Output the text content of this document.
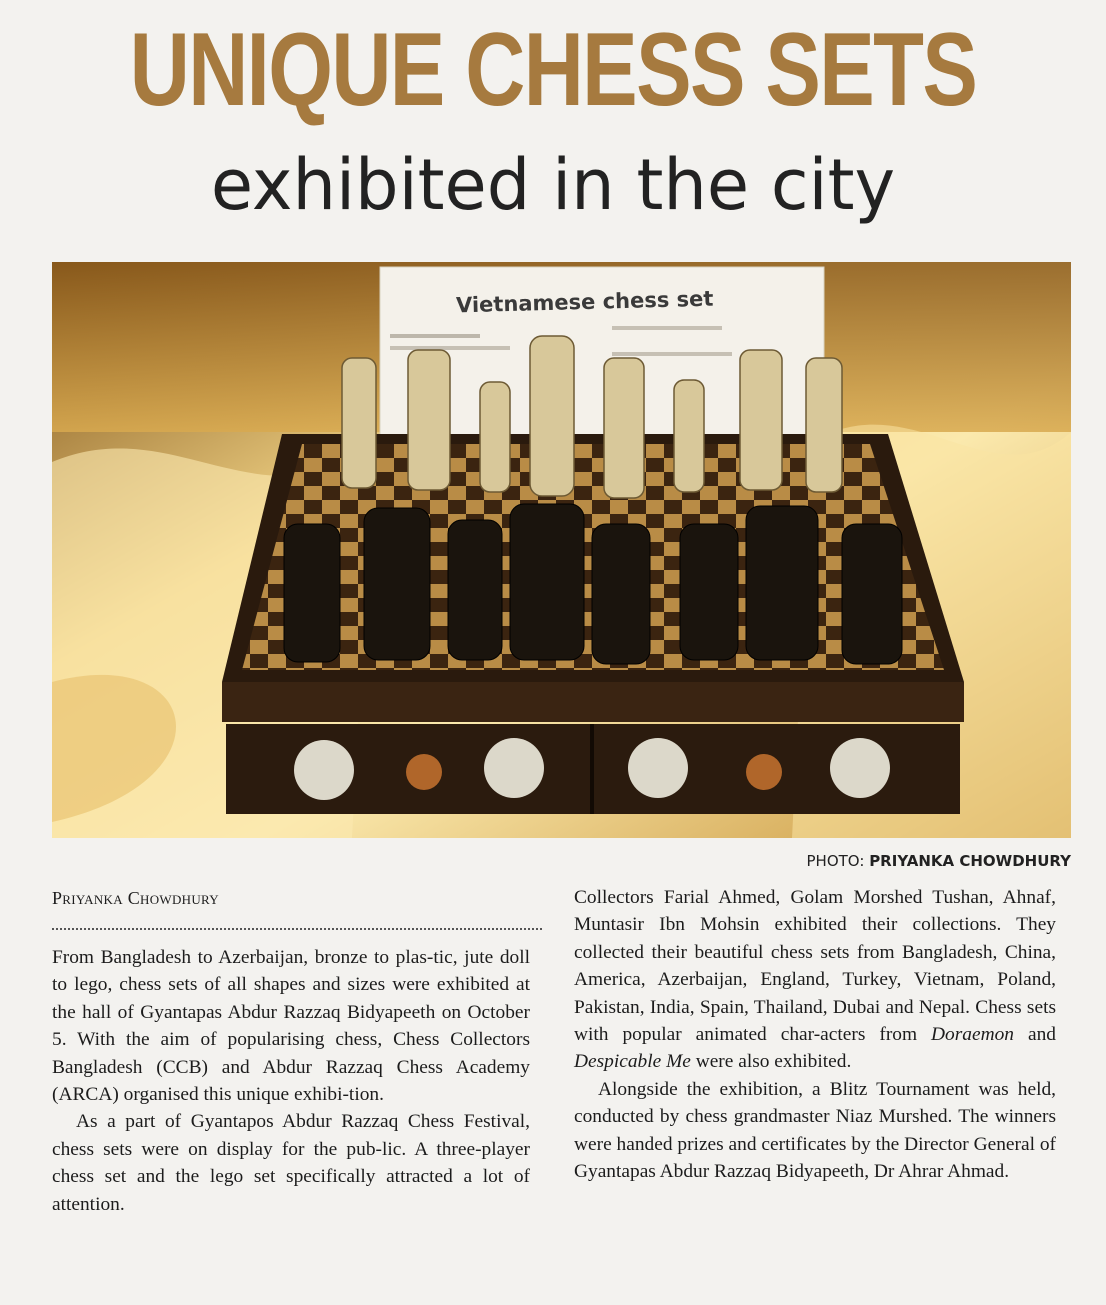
UNIQUE CHESS SETS
exhibited in the city
Vietnamese chess set
PHOTO: PRIYANKA CHOWDHURY
Priyanka Chowdhury

From Bangladesh to Azerbaijan, bronze to plas-tic, jute doll to lego, chess sets of all shapes and sizes were exhibited at the hall of Gyantapas Abdur Razzaq Bidyapeeth on October 5. With the aim of popularising chess, Chess Collectors Bangladesh (CCB) and Abdur Razzaq Chess Academy (ARCA) organised this unique exhibi-tion.

As a part of Gyantapos Abdur Razzaq Chess Festival, chess sets were on display for the pub-lic. A three-player chess set and the lego set specifically attracted a lot of attention.

Collectors Farial Ahmed, Golam Morshed Tushan, Ahnaf, Muntasir Ibn Mohsin exhibited their collections. They collected their beautiful chess sets from Bangladesh, China, America, Azerbaijan, England, Turkey, Vietnam, Poland, Pakistan, India, Spain, Thailand, Dubai and Nepal. Chess sets with popular animated char-acters from Doraemon and Despicable Me were also exhibited.

Alongside the exhibition, a Blitz Tournament was held, conducted by chess grandmaster Niaz Murshed. The winners were handed prizes and certificates by the Director General of Gyantapas Abdur Razzaq Bidyapeeth, Dr Ahrar Ahmad.
